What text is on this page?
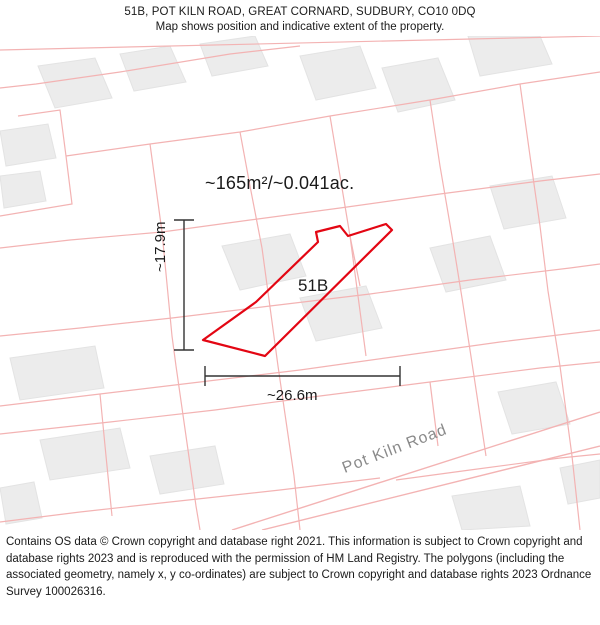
51B, POT KILN ROAD, GREAT CORNARD, SUDBURY, CO10 0DQ
Map shows position and indicative extent of the property.
~165m²/~0.041ac.
51B
~26.6m
~17.9m
Pot Kiln Road
Contains OS data © Crown copyright and database right 2021. This information is subject to Crown copyright and database rights 2023 and is reproduced with the permission of HM Land Registry. The polygons (including the associated geometry, namely x, y co-ordinates) are subject to Crown copyright and database rights 2023 Ordnance Survey 100026316.
